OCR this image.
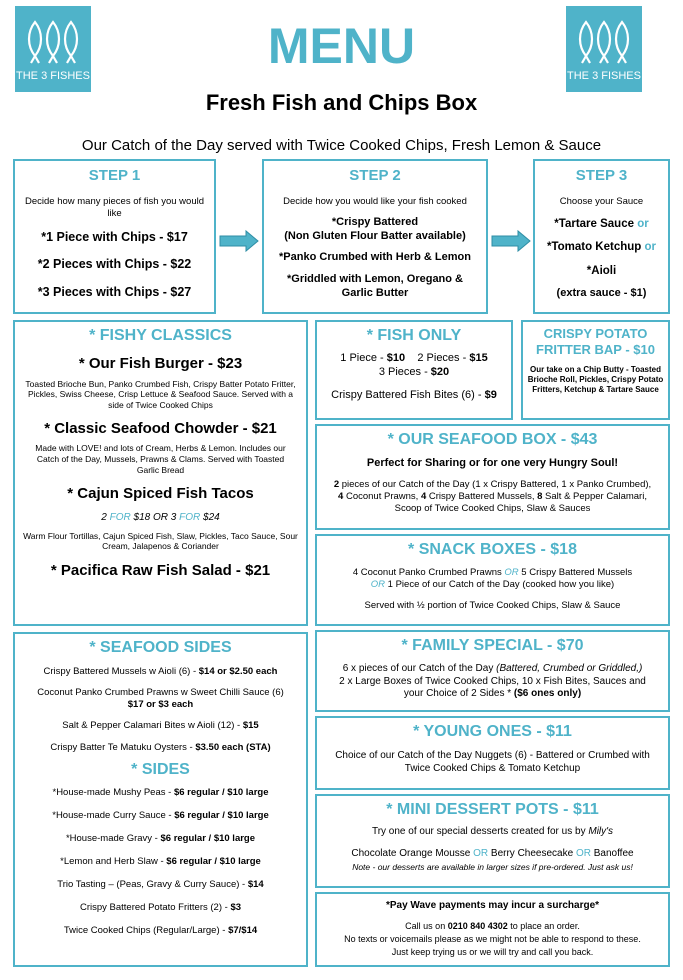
THE 3 FISHES	THE 3 FISHES
MENU
Fresh Fish and Chips Box
Our Catch of the Day served with Twice Cooked Chips, Fresh Lemon & Sauce
STEP 1

Decide how many pieces of fish you would like

*1 Piece with Chips - $17

*2 Pieces with Chips - $22

*3 Pieces with Chips - $27

STEP 2

Decide how you would like your fish cooked

*Crispy Battered

(Non Gluten Flour Batter available)

*Panko Crumbed with Herb & Lemon

*Griddled with Lemon, Oregano & Garlic Butter

STEP 3

Choose your Sauce

*Tartare Sauce or

*Tomato Ketchup or

*Aioli

(extra sauce - $1)

* FISHY CLASSICS

* Our Fish Burger - $23

Toasted Brioche Bun, Panko Crumbed Fish, Crispy Batter Potato Fritter, Pickles, Swiss Cheese, Crisp Lettuce & Seafood Sauce. Served with a side of Twice Cooked Chips

* Classic Seafood Chowder - $21

Made with LOVE! and lots of Cream, Herbs & Lemon. Includes our Catch of the Day, Mussels, Prawns & Clams. Served with Toasted Garlic Bread

* Cajun Spiced Fish Tacos

2 FOR $18 OR 3 FOR $24

Warm Flour Tortillas, Cajun Spiced Fish, Slaw, Pickles, Taco Sauce, Sour Cream, Jalapenos & Coriander

* Pacifica Raw Fish Salad - $21

* FISH ONLY

1 Piece - $10 2 Pieces - $15

3 Pieces - $20

Crispy Battered Fish Bites (6) - $9

CRISPY POTATO FRITTER BAP - $10

Our take on a Chip Butty - Toasted Brioche Roll, Pickles, Crispy Potato Fritters, Ketchup & Tartare Sauce

* OUR SEAFOOD BOX - $43

Perfect for Sharing or for one very Hungry Soul!

2 pieces of our Catch of the Day (1 x Crispy Battered, 1 x Panko Crumbed),

4 Coconut Prawns, 4 Crispy Battered Mussels, 8 Salt & Pepper Calamari,

Scoop of Twice Cooked Chips, Slaw & Sauces

* SNACK BOXES - $18

4 Coconut Panko Crumbed Prawns OR 5 Crispy Battered Mussels

OR 1 Piece of our Catch of the Day (cooked how you like)

Served with ½ portion of Twice Cooked Chips, Slaw & Sauce

* SEAFOOD SIDES

Crispy Battered Mussels w Aioli (6) - $14 or $2.50 each

Coconut Panko Crumbed Prawns w Sweet Chilli Sauce (6)

$17 or $3 each

Salt & Pepper Calamari Bites w Aioli (12) - $15

Crispy Batter Te Matuku Oysters - $3.50 each (STA)

* SIDES

*House-made Mushy Peas - $6 regular / $10 large

*House-made Curry Sauce - $6 regular / $10 large

*House-made Gravy - $6 regular / $10 large

*Lemon and Herb Slaw - $6 regular / $10 large

Trio Tasting – (Peas, Gravy & Curry Sauce) - $14

Crispy Battered Potato Fritters (2) - $3

Twice Cooked Chips (Regular/Large) - $7/$14

* FAMILY SPECIAL - $70

6 x pieces of our Catch of the Day (Battered, Crumbed or Griddled,)

2 x Large Boxes of Twice Cooked Chips, 10 x Fish Bites, Sauces and

your Choice of 2 Sides * ($6 ones only)

* YOUNG ONES - $11

Choice of our Catch of the Day Nuggets (6) - Battered or Crumbed with

Twice Cooked Chips & Tomato Ketchup

* MINI DESSERT POTS - $11

Try one of our special desserts created for us by Mily's

Chocolate Orange Mousse OR Berry Cheesecake OR Banoffee

Note - our desserts are available in larger sizes if pre-ordered. Just ask us!

*Pay Wave payments may incur a surcharge*

Call us on 0210 840 4302 to place an order.

No texts or voicemails please as we might not be able to respond to these.

Just keep trying us or we will try and call you back.
